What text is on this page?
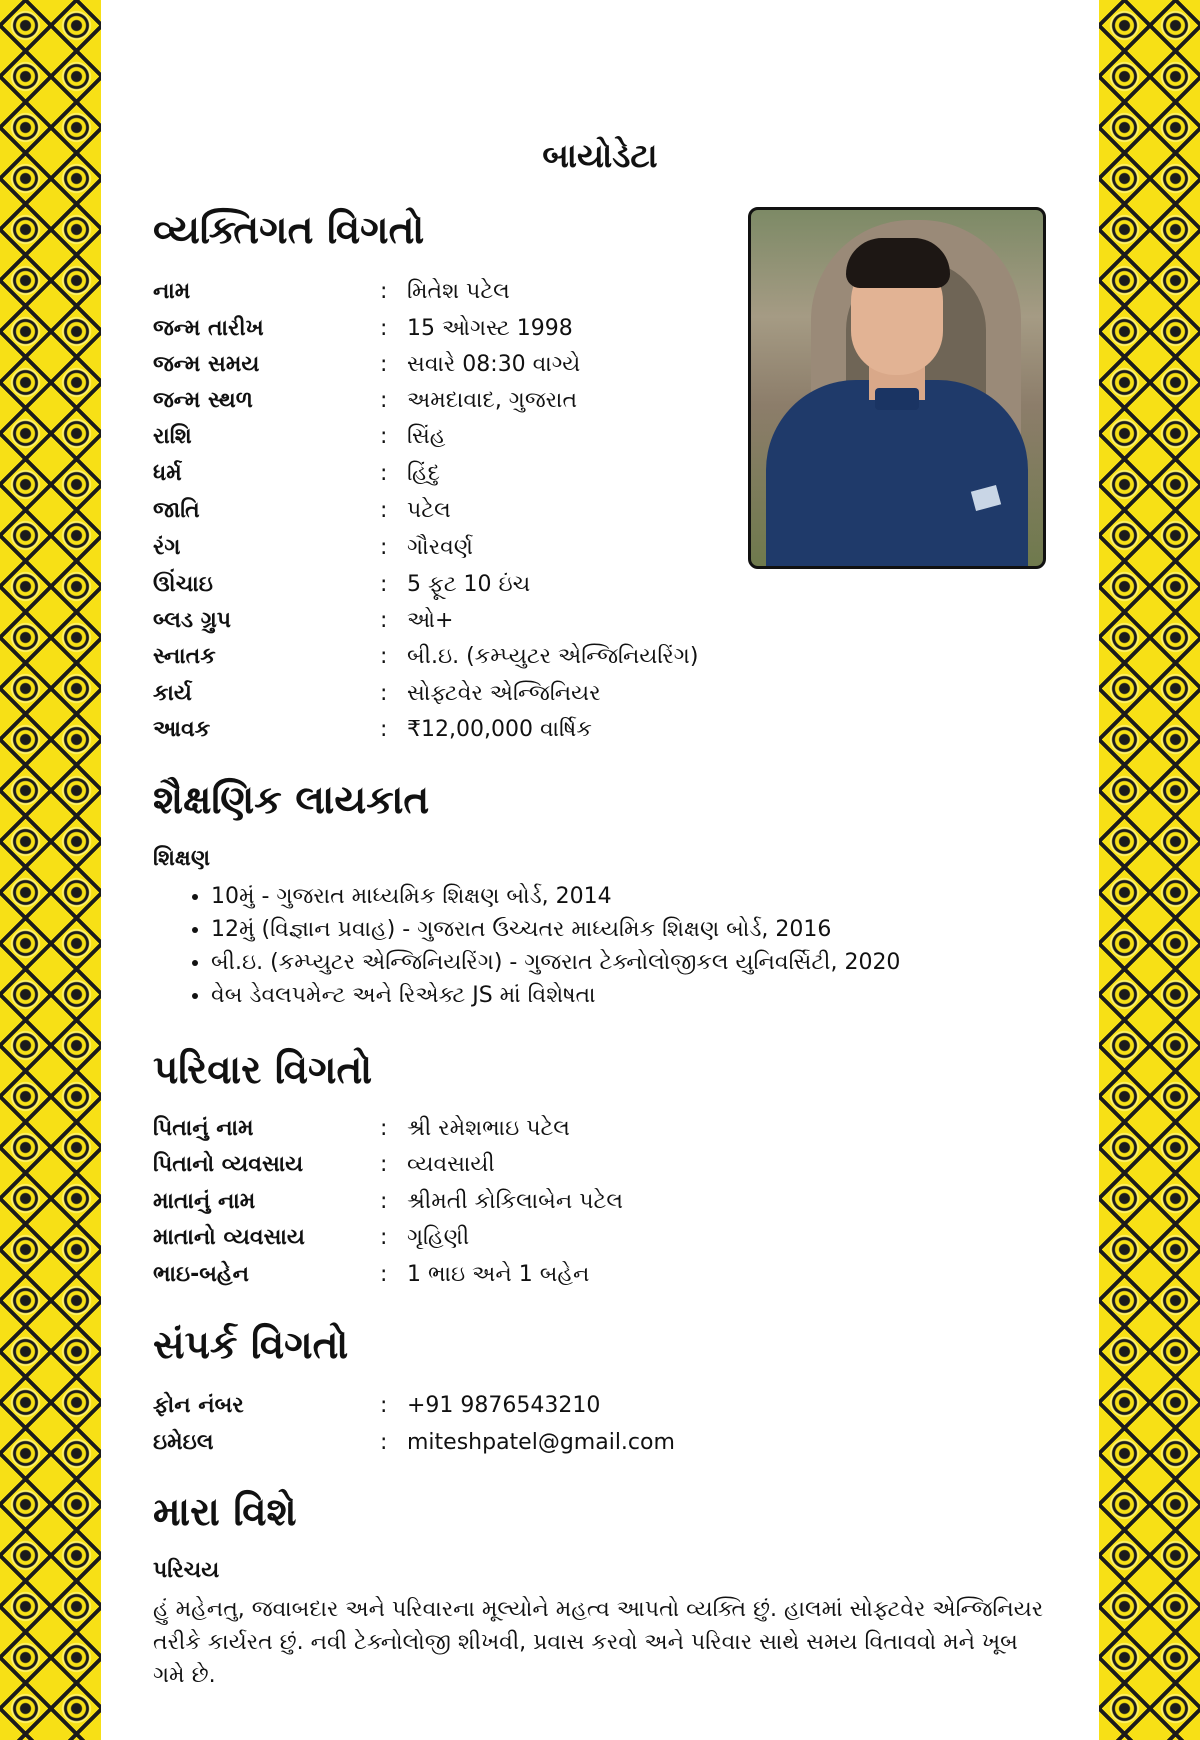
બાયોડેટા
વ્યક્તિગત વિગતો
નામ	: મિતેશ પટેલ
જન્મ તારીખ	: 15 ઓગસ્ટ 1998
જન્મ સમય	: સવારે 08:30 વાગ્યે
જન્મ સ્થળ	: અમદાવાદ, ગુજરાત
રાશિ	: સિંહ
ધર્મ	: હિંદુ
જાતિ	: પટેલ
રંગ	: ગૌરવર્ણ
ઊંચાઇ	: 5 ફૂટ 10 ઇંચ
બ્લડ ગ્રુપ	: ઓ+
સ્નાતક	: બી.ઇ. (કમ્પ્યુટર એન્જિનિયરિંગ)
કાર્ય	: સોફ્ટવેર એન્જિનિયર
આવક	: ₹12,00,000 વાર્ષિક
શૈક્ષણિક લાયકાત
શિક્ષણ
• 10મું - ગુજરાત માધ્યમિક શિક્ષણ બોર્ડ, 2014
• 12મું (વિજ્ઞાન પ્રવાહ) - ગુજરાત ઉચ્ચતર માધ્યમિક શિક્ષણ બોર્ડ, 2016
• બી.ઇ. (કમ્પ્યુટર એન્જિનિયરિંગ) - ગુજરાત ટેક્નોલોજીકલ યુનિવર્સિટી, 2020
• વેબ ડેવલપમેન્ટ અને રિએક્ટ JS માં વિશેષતા
પરિવાર વિગતો
પિતાનું નામ	: શ્રી રમેશભાઇ પટેલ
પિતાનો વ્યવસાય	: વ્યવસાયી
માતાનું નામ	: શ્રીમતી કોકિલાબેન પટેલ
માતાનો વ્યવસાય	: ગૃહિણી
ભાઇ-બહેન	: 1 ભાઇ અને 1 બહેન
સંપર્ક વિગતો
ફોન નંબર	: +91 9876543210
ઇમેઇલ	: miteshpatel@gmail.com
મારા વિશે
પરિચય
હું મહેનતુ, જવાબદાર અને પરિવારના મૂલ્યોને મહત્વ આપતો વ્યક્તિ છું. હાલમાં સોફ્ટવેર એન્જિનિયર તરીકે કાર્યરત છું. નવી ટેક્નોલોજી શીખવી, પ્રવાસ કરવો અને પરિવાર સાથે સમય વિતાવવો મને ખૂબ ગમે છે.
